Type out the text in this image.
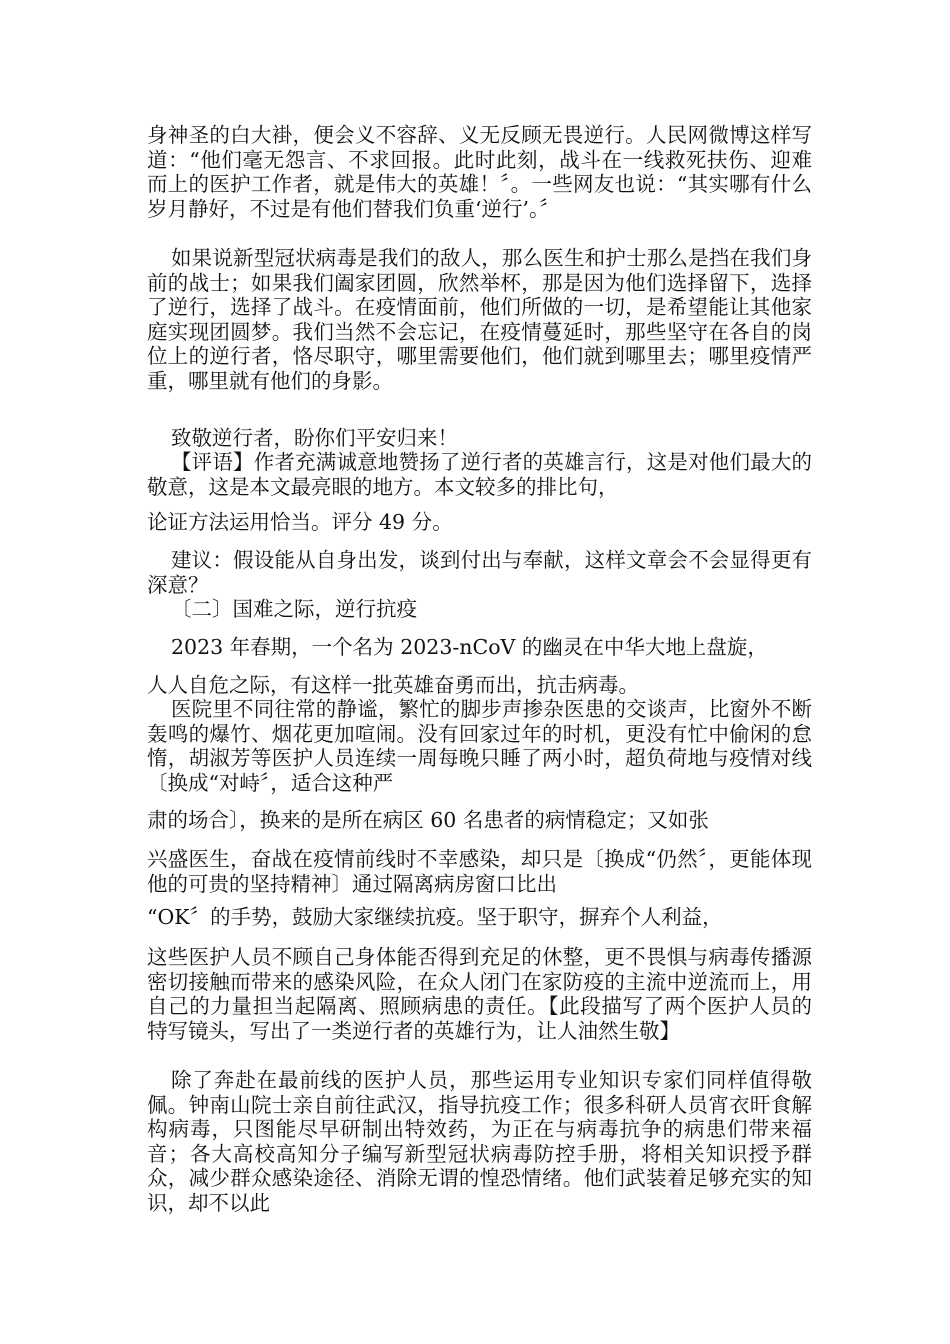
身神圣的白大褂，便会义不容辞、义无反顾无畏逆行。人民网微博这样写道：“他们毫无怨言、不求回报。此时此刻，战斗在一线救死扶伤、迎难而上的医护工作者，就是伟大的英雄！〞。一些网友也说：“其实哪有什么岁月静好，不过是有他们替我们负重‘逆行’。〞
如果说新型冠状病毒是我们的敌人，那么医生和护士那么是挡在我们身前的战士；如果我们阖家团圆，欣然举杯，那是因为他们选择留下，选择了逆行，选择了战斗。在疫情面前，他们所做的一切，是希望能让其他家庭实现团圆梦。我们当然不会忘记，在疫情蔓延时，那些坚守在各自的岗位上的逆行者，恪尽职守，哪里需要他们，他们就到哪里去；哪里疫情严重，哪里就有他们的身影。
致敬逆行者，盼你们平安归来！
【评语】作者充满诚意地赞扬了逆行者的英雄言行，这是对他们最大的敬意，这是本文最亮眼的地方。本文较多的排比句，
论证方法运用恰当。评分 49 分。
建议：假设能从自身出发，谈到付出与奉献，这样文章会不会显得更有深意？
〔二〕国难之际，逆行抗疫
2023 年春期，一个名为 2023-nCoV 的幽灵在中华大地上盘旋，
人人自危之际，有这样一批英雄奋勇而出，抗击病毒。
医院里不同往常的静谧，繁忙的脚步声掺杂医患的交谈声，比窗外不断轰鸣的爆竹、烟花更加喧闹。没有回家过年的时机，更没有忙中偷闲的怠惰，胡淑芳等医护人员连续一周每晚只睡了两小时，超负荷地与疫情对线〔换成“对峙〞，适合这种严
肃的场合〕，换来的是所在病区 60 名患者的病情稳定；又如张
兴盛医生，奋战在疫情前线时不幸感染，却只是〔换成“仍然〞，更能体现他的可贵的坚持精神〕通过隔离病房窗口比出
“OK〞的手势，鼓励大家继续抗疫。坚于职守，摒弃个人利益，
这些医护人员不顾自己身体能否得到充足的休整，更不畏惧与病毒传播源密切接触而带来的感染风险，在众人闭门在家防疫的主流中逆流而上，用自己的力量担当起隔离、照顾病患的责任。【此段描写了两个医护人员的特写镜头，写出了一类逆行者的英雄行为，让人油然生敬】
除了奔赴在最前线的医护人员，那些运用专业知识专家们同样值得敬佩。钟南山院士亲自前往武汉，指导抗疫工作；很多科研人员宵衣旰食解构病毒，只图能尽早研制出特效药，为正在与病毒抗争的病患们带来福音；各大高校高知分子编写新型冠状病毒防控手册，将相关知识授予群众，减少群众感染途径、消除无谓的惶恐情绪。他们武装着足够充实的知识，却不以此
